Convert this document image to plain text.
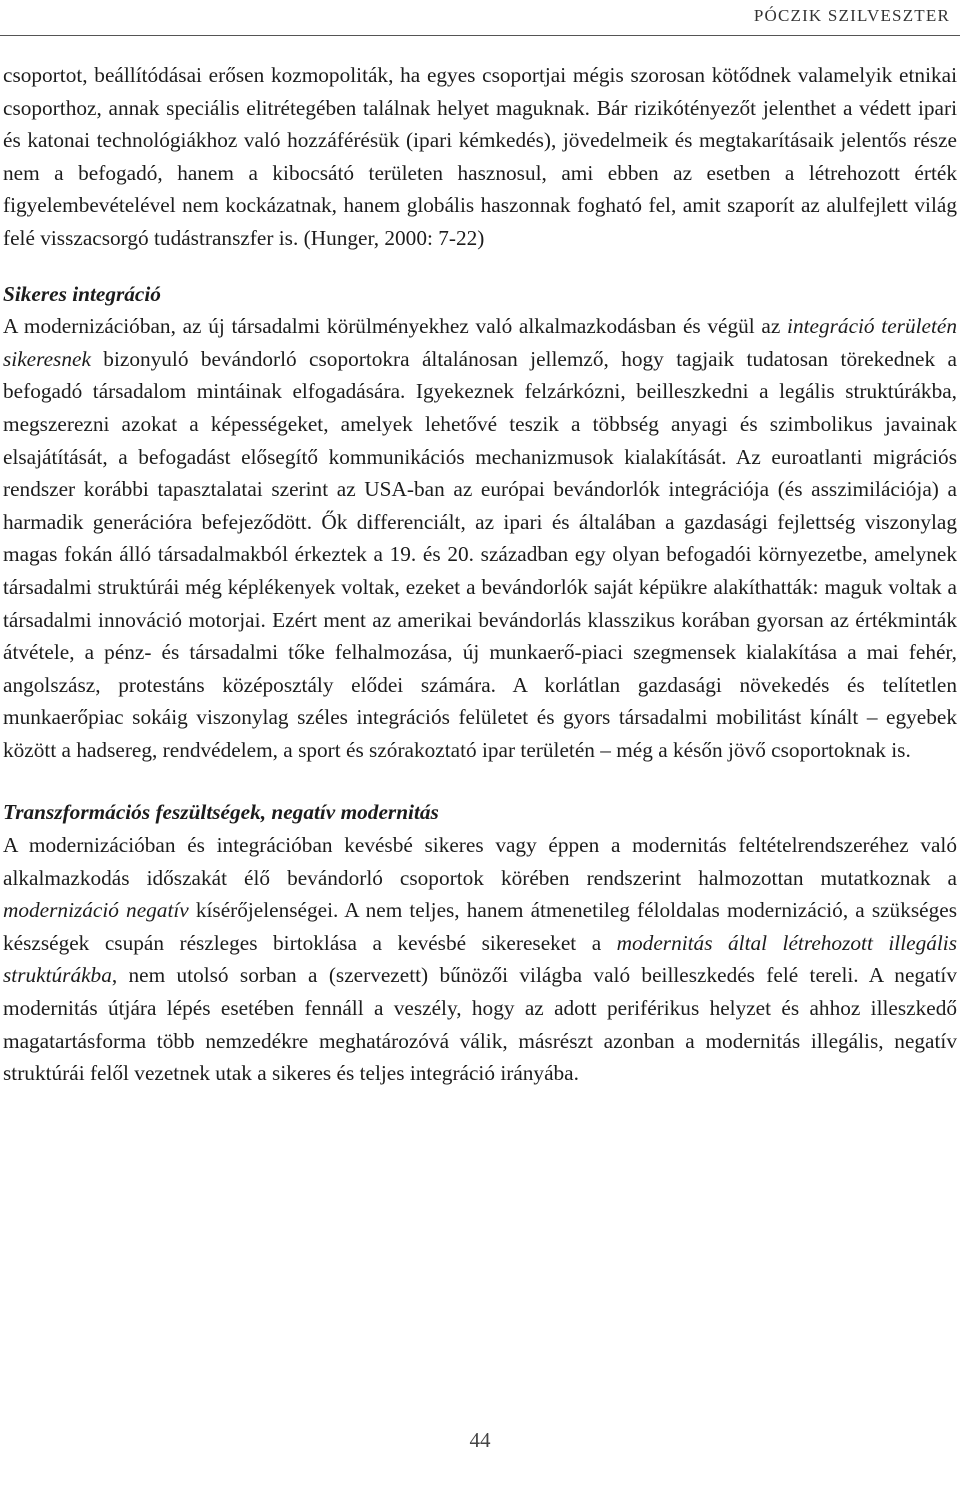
PÓCZIK SZILVESZTER

csoportot, beállítódásai erősen kozmopoliták, ha egyes csoportjai mégis szorosan kötődnek valamelyik etnikai csoporthoz, annak speciális elitrétegében találnak helyet maguknak. Bár rizikótényezőt jelenthet a védett ipari és katonai technológiákhoz való hozzáférésük (ipari kémkedés), jövedelmeik és megtakarításaik jelentős része nem a befogadó, hanem a kibocsátó területen hasznosul, ami ebben az esetben a létrehozott érték figyelembevételével nem kockázatnak, hanem globális haszonnak fogható fel, amit szaporít az alulfejlett világ felé visszacsorgó tudástranszfer is. (Hunger, 2000: 7-22)

Sikeres integráció

A modernizációban, az új társadalmi körülményekhez való alkalmazkodásban és végül az integráció területén sikeresnek bizonyuló bevándorló csoportokra általánosan jellemző, hogy tagjaik tudatosan törekednek a befogadó társadalom mintáinak elfogadására. Igyekeznek felzárkózni, beilleszkedni a legális struktúrákba, megszerezni azokat a képességeket, amelyek lehetővé teszik a többség anyagi és szimbolikus javainak elsajátítását, a befogadást elősegítő kommunikációs mechanizmusok kialakítását. Az euroatlanti migrációs rendszer korábbi tapasztalatai szerint az USA-ban az európai bevándorlók integrációja (és asszimilációja) a harmadik generációra befejeződött. Ők differenciált, az ipari és általában a gazdasági fejlettség viszonylag magas fokán álló társadalmakból érkeztek a 19. és 20. században egy olyan befogadói környezetbe, amelynek társadalmi struktúrái még képlékenyek voltak, ezeket a bevándorlók saját képükre alakíthatták: maguk voltak a társadalmi innováció motorjai. Ezért ment az amerikai bevándorlás klasszikus korában gyorsan az értékminták átvétele, a pénz- és társadalmi tőke felhalmozása, új munkaerő-piaci szegmensek kialakítása a mai fehér, angolszász, protestáns középosztály elődei számára. A korlátlan gazdasági növekedés és telítetlen munkaerőpiac sokáig viszonylag széles integrációs felületet és gyors társadalmi mobilitást kínált – egyebek között a hadsereg, rendvédelem, a sport és szórakoztató ipar területén – még a későn jövő csoportoknak is.

Transzformációs feszültségek, negatív modernitás

A modernizációban és integrációban kevésbé sikeres vagy éppen a modernitás feltételrendszeréhez való alkalmazkodás időszakát élő bevándorló csoportok körében rendszerint halmozottan mutatkoznak a modernizáció negatív kísérőjelenségei. A nem teljes, hanem átmenetileg féloldalas modernizáció, a szükséges készségek csupán részleges birtoklása a kevésbé sikereseket a modernitás által létrehozott illegális struktúrákba, nem utolsó sorban a (szervezett) bűnözői világba való beilleszkedés felé tereli. A negatív modernitás útjára lépés esetében fennáll a veszély, hogy az adott periférikus helyzet és ahhoz illeszkedő magatartásforma több nemzedékre meghatározóvá válik, másrészt azonban a modernitás illegális, negatív struktúrái felől vezetnek utak a sikeres és teljes integráció irányába.

44
